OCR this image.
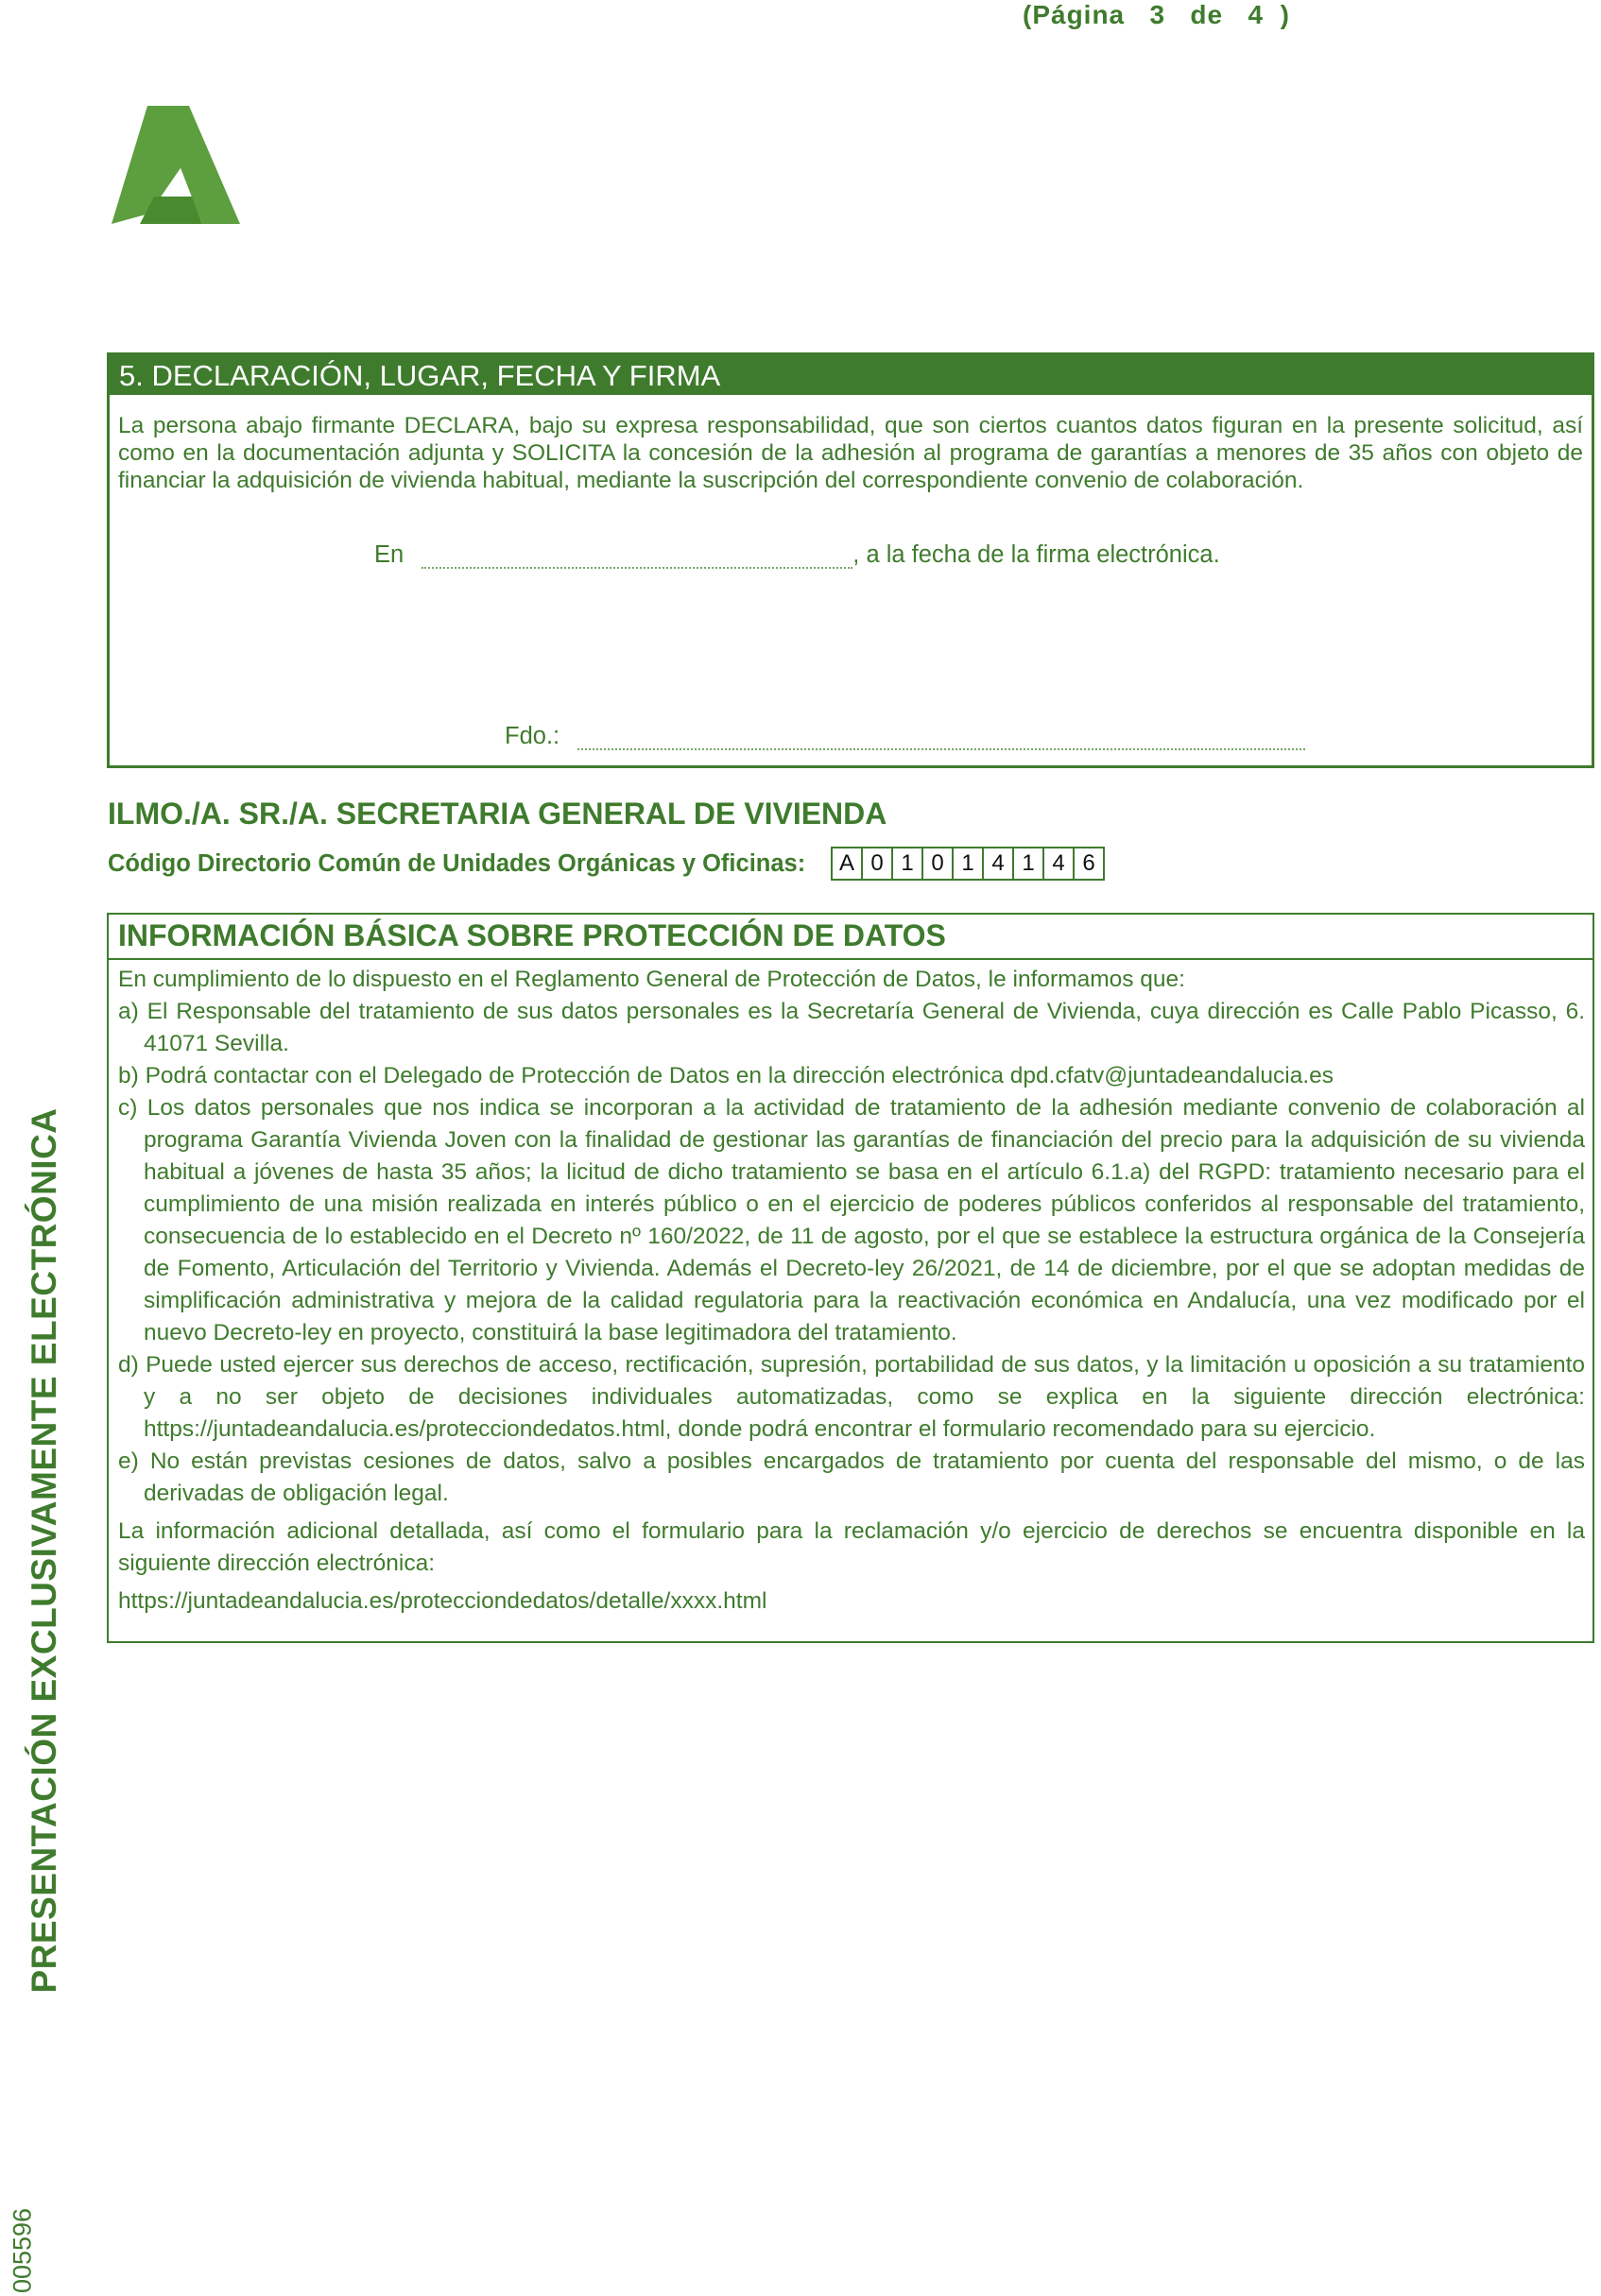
(Página 3 de 4 )
5. DECLARACIÓN, LUGAR, FECHA Y FIRMA
La persona abajo firmante DECLARA, bajo su expresa responsabilidad, que son ciertos cuantos datos figuran en la presente solicitud, así como en la documentación adjunta y SOLICITA la concesión de la adhesión al programa de garantías a menores de 35 años con objeto de financiar la adquisición de vivienda habitual, mediante la suscripción del correspondiente convenio de colaboración.
En	, a la fecha de la firma electrónica.
Fdo.:
ILMO./A. SR./A. SECRETARIA GENERAL DE VIVIENDA
Código Directorio Común de Unidades Orgánicas y Oficinas: A 0 1 0 1 4 1 4 6
INFORMACIÓN BÁSICA SOBRE PROTECCIÓN DE DATOS
En cumplimiento de lo dispuesto en el Reglamento General de Protección de Datos, le informamos que:
a) El Responsable del tratamiento de sus datos personales es la Secretaría General de Vivienda, cuya dirección es Calle Pablo Picasso, 6. 41071 Sevilla.
b) Podrá contactar con el Delegado de Protección de Datos en la dirección electrónica dpd.cfatv@juntadeandalucia.es
c) Los datos personales que nos indica se incorporan a la actividad de tratamiento de la adhesión mediante convenio de colaboración al programa Garantía Vivienda Joven con la finalidad de gestionar las garantías de financiación del precio para la adquisición de su vivienda habitual a jóvenes de hasta 35 años; la licitud de dicho tratamiento se basa en el artículo 6.1.a) del RGPD: tratamiento necesario para el cumplimiento de una misión realizada en interés público o en el ejercicio de poderes públicos conferidos al responsable del tratamiento, consecuencia de lo establecido en el Decreto nº 160/2022, de 11 de agosto, por el que se establece la estructura orgánica de la Consejería de Fomento, Articulación del Territorio y Vivienda. Además el Decreto-ley 26/2021, de 14 de diciembre, por el que se adoptan medidas de simplificación administrativa y mejora de la calidad regulatoria para la reactivación económica en Andalucía, una vez modificado por el nuevo Decreto-ley en proyecto, constituirá la base legitimadora del tratamiento.
d) Puede usted ejercer sus derechos de acceso, rectificación, supresión, portabilidad de sus datos, y la limitación u oposición a su tratamiento y a no ser objeto de decisiones individuales automatizadas, como se explica en la siguiente dirección electrónica: https://juntadeandalucia.es/protecciondedatos.html, donde podrá encontrar el formulario recomendado para su ejercicio.
e) No están previstas cesiones de datos, salvo a posibles encargados de tratamiento por cuenta del responsable del mismo, o de las derivadas de obligación legal.
La información adicional detallada, así como el formulario para la reclamación y/o ejercicio de derechos se encuentra disponible en la siguiente dirección electrónica:
https://juntadeandalucia.es/protecciondedatos/detalle/xxxx.html
PRESENTACIÓN EXCLUSIVAMENTE ELECTRÓNICA
005596
